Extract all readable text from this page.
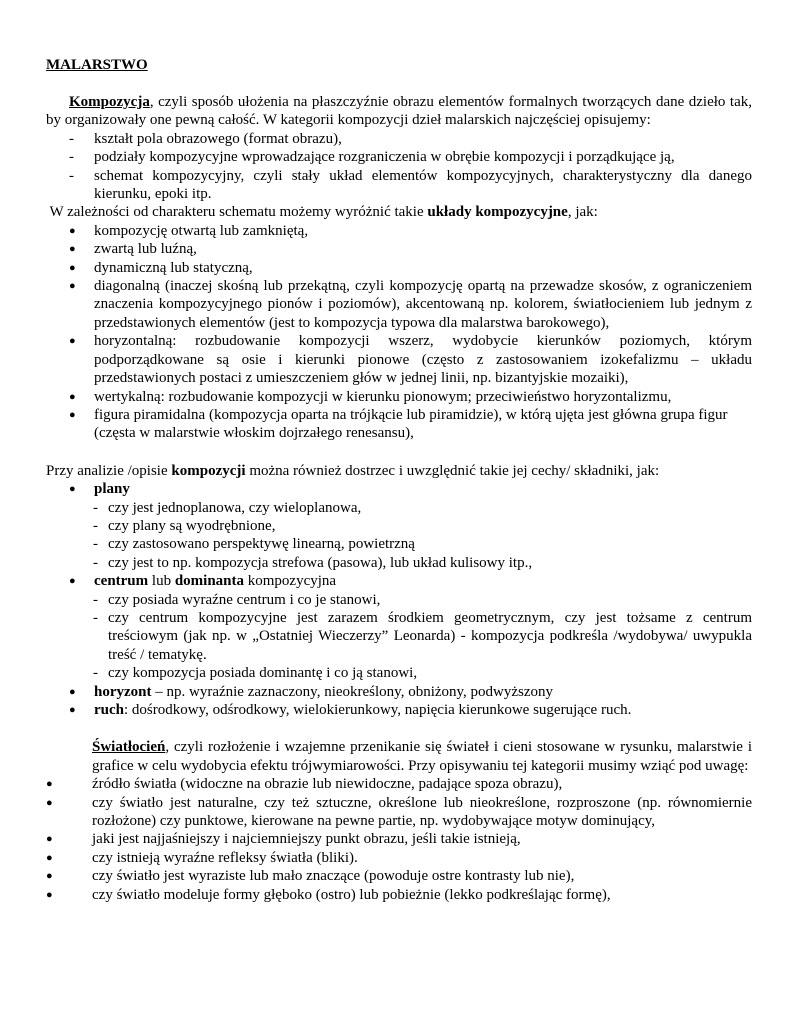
MALARSTWO

Kompozycja, czyli sposób ułożenia na płaszczyźnie obrazu elementów formalnych tworzących dane dzieło tak, by organizowały one pewną całość. W kategorii kompozycji dzieł malarskich najczęściej opisujemy:

-	kształt pola obrazowego (format obrazu),
-	podziały kompozycyjne wprowadzające rozgraniczenia w obrębie kompozycji i porządkujące ją,
-	schemat kompozycyjny, czyli stały układ elementów kompozycyjnych, charakterystyczny dla danego kierunku, epoki itp.

W zależności od charakteru schematu możemy wyróżnić takie układy kompozycyjne, jak:

●	kompozycję otwartą lub zamkniętą,
●	zwartą lub luźną,
●	dynamiczną lub statyczną,
●	diagonalną (inaczej skośną lub przekątną, czyli kompozycję opartą na przewadze skosów, z ograniczeniem znaczenia kompozycyjnego pionów i poziomów), akcentowaną np. kolorem, światłocieniem lub jednym z przedstawionych elementów (jest to kompozycja typowa dla malarstwa barokowego),
●	horyzontalną: rozbudowanie kompozycji wszerz, wydobycie kierunków poziomych, którym podporządkowane są osie i kierunki pionowe (często z zastosowaniem izokefalizmu – układu przedstawionych postaci z umieszczeniem głów w jednej linii, np. bizantyjskie mozaiki),
●	wertykalną: rozbudowanie kompozycji w kierunku pionowym; przeciwieństwo horyzontalizmu,
●	figura piramidalna (kompozycja oparta na trójkącie lub piramidzie), w którą ujęta jest główna grupa figur (częsta w malarstwie włoskim dojrzałego renesansu),

Przy analizie /opisie kompozycji można również dostrzec i uwzględnić takie jej cechy/ składniki, jak:

●	plany
- czy jest jednoplanowa, czy wieloplanowa,
- czy plany są wyodrębnione,
- czy zastosowano perspektywę linearną, powietrzną
- czy jest to np. kompozycja strefowa (pasowa), lub układ kulisowy itp.,
●	centrum lub dominanta kompozycyjna
- czy posiada wyraźne centrum i co je stanowi,
- czy centrum kompozycyjne jest zarazem środkiem geometrycznym, czy jest tożsame z centrum treściowym (jak np. w „Ostatniej Wieczerzy” Leonarda) - kompozycja podkreśla /wydobywa/ uwypukla treść / tematykę.
- czy kompozycja posiada dominantę i co ją stanowi,
●	horyzont – np. wyraźnie zaznaczony, nieokreślony, obniżony, podwyższony
●	ruch: dośrodkowy, odśrodkowy, wielokierunkowy, napięcia kierunkowe sugerujące ruch.

Światłocień, czyli rozłożenie i wzajemne przenikanie się świateł i cieni stosowane w rysunku, malarstwie i grafice w celu wydobycia efektu trójwymiarowości. Przy opisywaniu tej kategorii musimy wziąć pod uwagę:

●	źródło światła (widoczne na obrazie lub niewidoczne, padające spoza obrazu),
●	czy światło jest naturalne, czy też sztuczne, określone lub nieokreślone, rozproszone (np. równomiernie rozłożone) czy punktowe, kierowane na pewne partie, np. wydobywające motyw dominujący,
●	jaki jest najjaśniejszy i najciemniejszy punkt obrazu, jeśli takie istnieją,
●	czy istnieją wyraźne refleksy światła (bliki).
●	czy światło jest wyraziste lub mało znaczące (powoduje ostre kontrasty lub nie),
●	czy światło modeluje formy głęboko (ostro) lub pobieżnie (lekko podkreślając formę),
